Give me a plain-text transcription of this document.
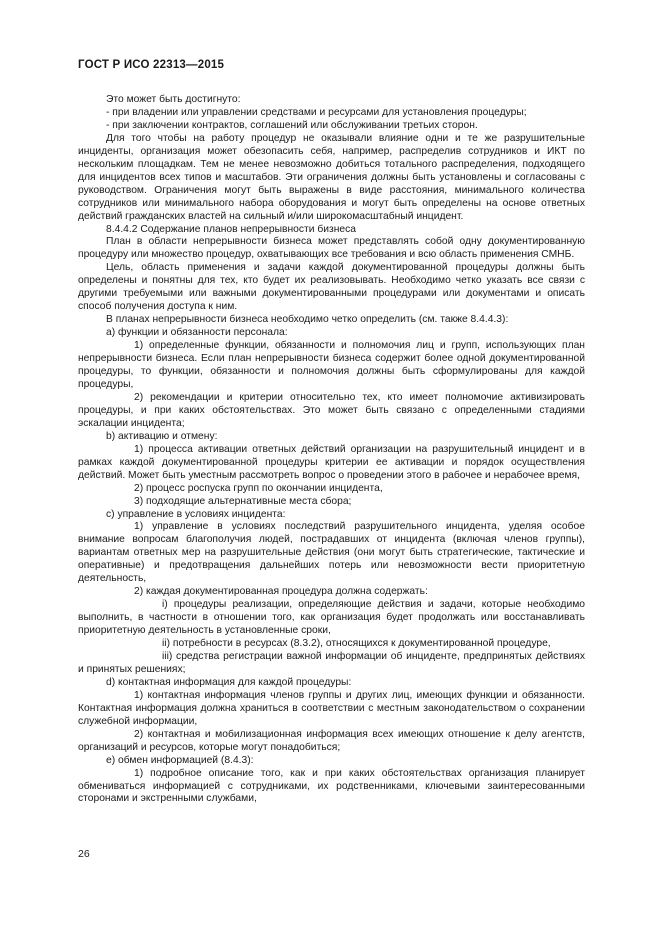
ГОСТ Р ИСО 22313—2015

Это может быть достигнуто:

- при владении или управлении средствами и ресурсами для установления процедуры;

- при заключении контрактов, соглашений или обслуживании третьих сторон.

Для того чтобы на работу процедур не оказывали влияние одни и те же разрушительные инциденты, организация может обезопасить себя, например, распределив сотрудников и ИКТ по нескольким площадкам. Тем не менее невозможно добиться тотального распределения, подходящего для инцидентов всех типов и масштабов. Эти ограничения должны быть установлены и согласованы с руководством. Ограничения могут быть выражены в виде расстояния, минимального количества сотрудников или минимального набора оборудования и могут быть определены на основе ответных действий гражданских властей на сильный и/или широкомасштабный инцидент.

8.4.4.2 Содержание планов непрерывности бизнеса

План в области непрерывности бизнеса может представлять собой одну документированную процедуру или множество процедур, охватывающих все требования и всю область применения СМНБ.

Цель, область применения и задачи каждой документированной процедуры должны быть определены и понятны для тех, кто будет их реализовывать. Необходимо четко указать все связи с другими требуемыми или важными документированными процедурами или документами и описать способ получения доступа к ним.

В планах непрерывности бизнеса необходимо четко определить (см. также 8.4.4.3):

a) функции и обязанности персонала:

1) определенные функции, обязанности и полномочия лиц и групп, использующих план непрерывности бизнеса. Если план непрерывности бизнеса содержит более одной документированной процедуры, то функции, обязанности и полномочия должны быть сформулированы для каждой процедуры,

2) рекомендации и критерии относительно тех, кто имеет полномочие активизировать процедуры, и при каких обстоятельствах. Это может быть связано с определенными стадиями эскалации инцидента;

b) активацию и отмену:

1) процесса активации ответных действий организации на разрушительный инцидент и в рамках каждой документированной процедуры критерии ее активации и порядок осуществления действий. Может быть уместным рассмотреть вопрос о проведении этого в рабочее и нерабочее время,

2) процесс роспуска групп по окончании инцидента,

3) подходящие альтернативные места сбора;

c) управление в условиях инцидента:

1) управление в условиях последствий разрушительного инцидента, уделяя особое внимание вопросам благополучия людей, пострадавших от инцидента (включая членов группы), вариантам ответных мер на разрушительные действия (они могут быть стратегические, тактические и оперативные) и предотвращения дальнейших потерь или невозможности вести приоритетную деятельность,

2) каждая документированная процедура должна содержать:

i) процедуры реализации, определяющие действия и задачи, которые необходимо выполнить, в частности в отношении того, как организация будет продолжать или восстанавливать приоритетную деятельность в установленные сроки,

ii) потребности в ресурсах (8.3.2), относящихся к документированной процедуре,

iii) средства регистрации важной информации об инциденте, предпринятых действиях и принятых решениях;

d) контактная информация для каждой процедуры:

1) контактная информация членов группы и других лиц, имеющих функции и обязанности. Контактная информация должна храниться в соответствии с местным законодательством о сохранении служебной информации,

2) контактная и мобилизационная информация всех имеющих отношение к делу агентств, организаций и ресурсов, которые могут понадобиться;

e) обмен информацией (8.4.3):

1) подробное описание того, как и при каких обстоятельствах организация планирует обмениваться информацией с сотрудниками, их родственниками, ключевыми заинтересованными сторонами и экстренными службами,

26
